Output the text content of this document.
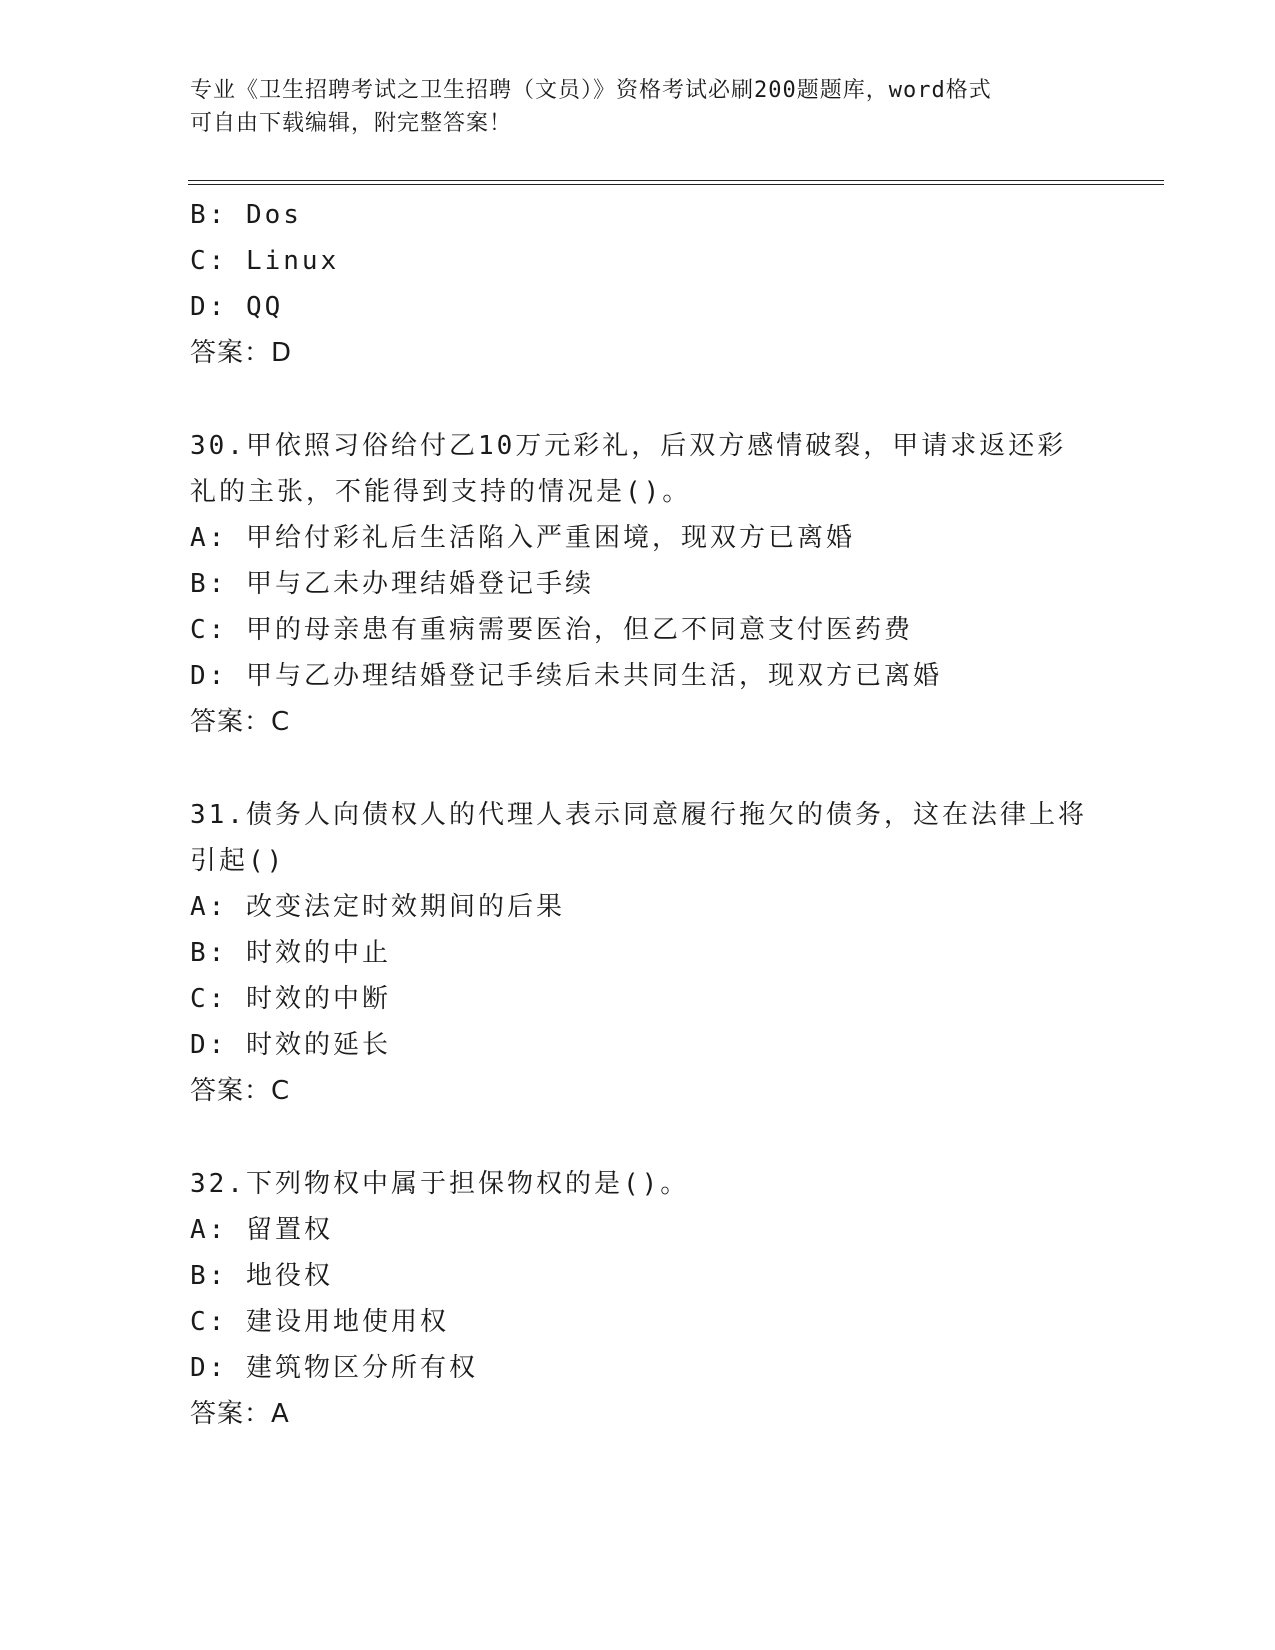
专业《卫生招聘考试之卫生招聘（文员）》资格考试必刷200题题库，word格式
可自由下载编辑，附完整答案！
B: Dos
C: Linux
D: QQ
答案：D
30.甲依照习俗给付乙10万元彩礼，后双方感情破裂，甲请求返还彩
礼的主张，不能得到支持的情况是()。
A: 甲给付彩礼后生活陷入严重困境，现双方已离婚
B: 甲与乙未办理结婚登记手续
C: 甲的母亲患有重病需要医治，但乙不同意支付医药费
D: 甲与乙办理结婚登记手续后未共同生活，现双方已离婚
答案：C
31.债务人向债权人的代理人表示同意履行拖欠的债务，这在法律上将
引起()
A: 改变法定时效期间的后果
B: 时效的中止
C: 时效的中断
D: 时效的延长
答案：C
32.下列物权中属于担保物权的是()。
A: 留置权
B: 地役权
C: 建设用地使用权
D: 建筑物区分所有权
答案：A
